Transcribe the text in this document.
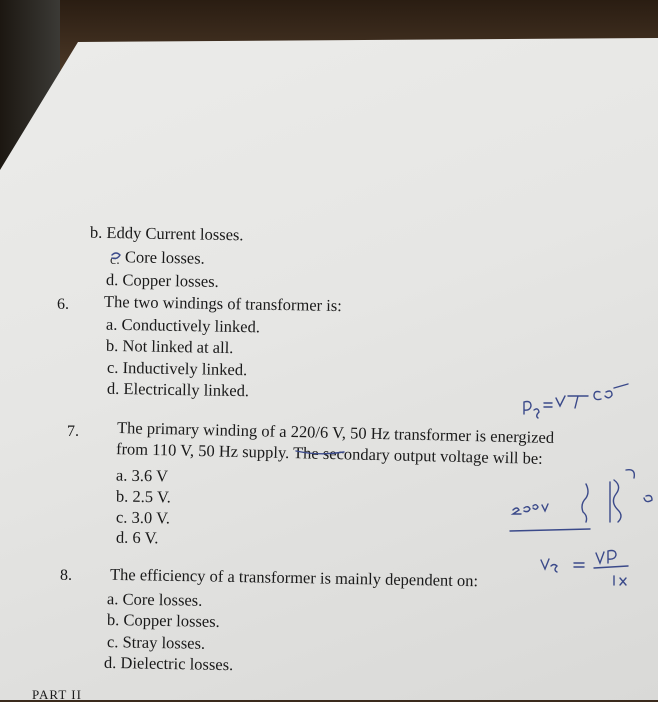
b. Eddy Current losses.
c. Core losses.
d. Copper losses.
6. The two windings of transformer is:
a. Conductively linked.
b. Not linked at all.
c. Inductively linked.
d. Electrically linked.
7. The primary winding of a 220/6 V, 50 Hz transformer is energized
from 110 V, 50 Hz supply. The secondary output voltage will be:
a. 3.6 V
b. 2.5 V.
c. 3.0 V.
d. 6 V.
8. The efficiency of a transformer is mainly dependent on:
a. Core losses.
b. Copper losses.
c. Stray losses.
d. Dielectric losses.
PART II
